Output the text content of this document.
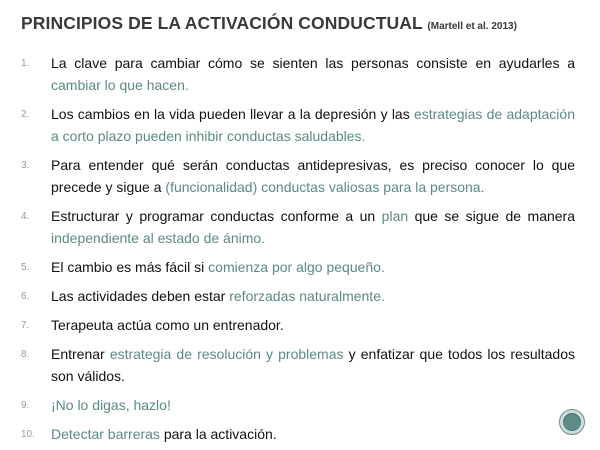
PRINCIPIOS DE LA ACTIVACIÓN CONDUCTUAL (Martell et al. 2013)
1.	La clave para cambiar cómo se sienten las personas consiste en ayudarles a cambiar lo que hacen.
2.	Los cambios en la vida pueden llevar a la depresión y las estrategias de adaptación a corto plazo pueden inhibir conductas saludables.
3.	Para entender qué serán conductas antidepresivas, es preciso conocer lo que precede y sigue a (funcionalidad) conductas valiosas para la persona.
4.	Estructurar y programar conductas conforme a un plan que se sigue de manera independiente al estado de ánimo.
5.	El cambio es más fácil si comienza por algo pequeño.
6.	Las actividades deben estar reforzadas naturalmente.
7.	Terapeuta actúa como un entrenador.
8.	Entrenar estrategia de resolución y problemas y enfatizar que todos los resultados son válidos.
9.	¡No lo digas, hazlo!
10.	Detectar barreras para la activación.
